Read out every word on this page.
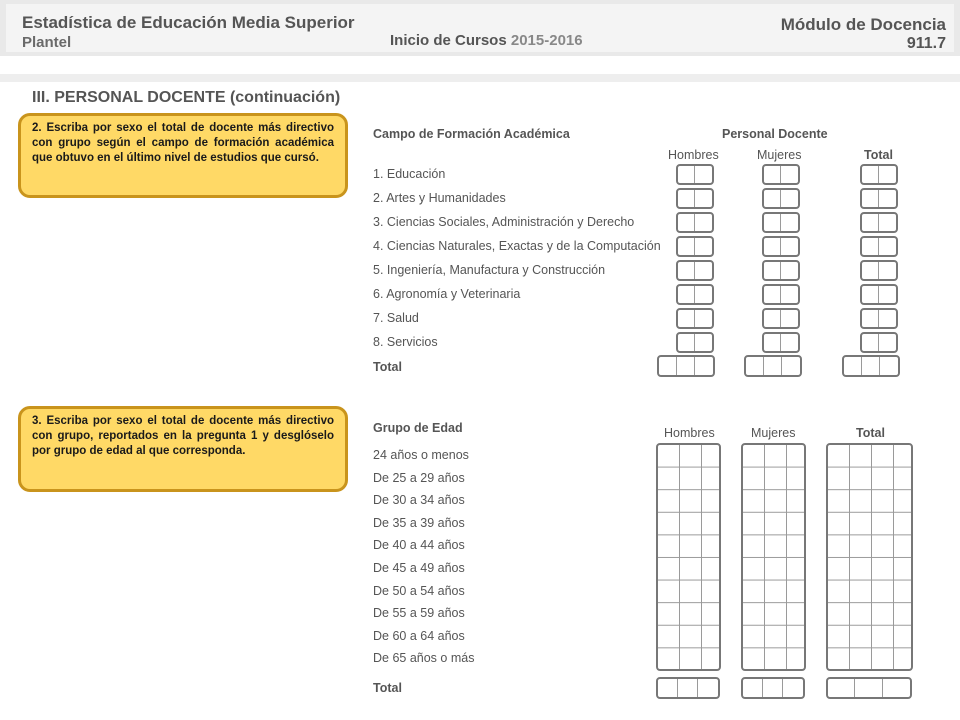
Estadística de Educación Media Superior
Plantel	Inicio de Cursos 2015-2016
Módulo de Docencia
911.7
III. PERSONAL DOCENTE (continuación)
2. Escriba por sexo el total de docente más directivo con grupo según el campo de formación académica que obtuvo en el último nivel de estudios que cursó.
3. Escriba por sexo el total de docente más directivo con grupo, reportados en la pregunta 1 y desglóselo por grupo de edad al que corresponda.
Campo de Formación Académica	Personal Docente
Hombres	Mujeres	Total
1. Educación
2. Artes y Humanidades
3. Ciencias Sociales, Administración y Derecho
4. Ciencias Naturales, Exactas y de la Computación
5. Ingeniería, Manufactura y Construcción
6. Agronomía y Veterinaria
7. Salud
8. Servicios
Total
Grupo de Edad	Hombres	Mujeres	Total
24 años o menos
De 25 a 29 años
De 30 a 34 años
De 35 a 39 años
De 40 a 44 años
De 45 a 49 años
De 50 a 54 años
De 55 a 59 años
De 60 a 64 años
De 65 años o más
Total
